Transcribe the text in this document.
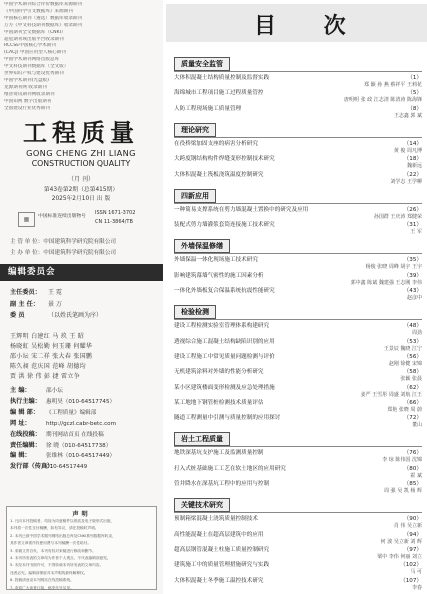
中国学术期刊综合评价数据库来源期刊
《中国科学引文数据库》来源期刊
中国核心期刊（遴选）数据库收录期刊
万方《中文科技期刊数据库》收录期刊
中国期刊全文数据库（CNKI）
超星期刊域出版平台收录期刊
RCCSE中国核心学术期刊
(CACJ) 中国应用型人核心期刊
中国学术期刊网络出版总库
中文科技期刊数据库（全文版）
世界知识产权与建设优秀期刊
中国学术期刊(光盘版)
龙源期刊网 收录期刊
维普资讯期刊网收录期刊
中国知网 数字出版期刊
全国建设行业优秀期刊
工程质量
GONG CHENG ZHI LIANG
CONSTRUCTION QUALITY
（月 刊）
第43卷第2期（总第415期）
2025年2月10日 出 版
▦	中国标准连续出版物号
ISSN 1671-3702
CN 11-3864/TB
主 管 单 位：中国建筑科学研究院有限公司
主 办 单 位：中国建筑科学研究院有限公司
编辑委员会
主任委员：	王 霓
副 主 任：	景 万
委 员	（以姓氏笔画为序）
王辉明 白建红 马 玖 王 昭
杨晓虹 吴松勤 何玉珊 何耀华
邵小坛 宋二祥 张大春 张国鹏
陈久昶 范庆国 范峰 胡德均
贾 洪 徐 伟 彭 捷 雷立争
主 编：	邵小坛
执行主编： 惠明昊（010-64517745）
编 辑 部：	《工程质量》编辑部
网 址：	http://gczl.cabr-betc.com
在线投稿： 期刊网站首页 在线投稿
责任编辑： 徐 晓（010-64517738）
编 辑：	张维林（010-64517449）
发行部（传真）：
010-64517449
声明
1. 凡向本刊投稿者，均视为同意稿件以纸质及电子版形式出版，
本刊将一次性支付稿酬，如有异议，请在投稿时声明。
2. 本刊已被中国学术期刊网络出版总库及CNKI系列数据库收录，
其作者文章著作权使用费与本刊稿酬一次性给付。
3. 来稿文责自负，本刊有权对来稿进行修改和删节。
4. 本刊所发表的文章均为作者个人观点，不代表编辑部意见。
5. 未经本刊书面许可，不得转载本刊所发表的文章内容，
违者必究。编辑部保留对本声明的最终解释权。
6. 投稿请登录本刊网站在线投稿系统。
7. 欢迎广大读者订阅，邮发代号另见。
目 次
质量安全监管
大体积混凝土结构质量控制及监督实践	（1）
郑 颖 孙 燕 蔡祥平 王莉花
海绵城市工程项目施工过程质量管控	（5）
唐明明 张 政 江志清 陈清涛 陈海锋
人防工程现场施工质量管理	（8）
王志鑫 郭 斌
理论研究
在役桥梁加固支座的病害分析研究	（14）
黄 俊 周凡博
大跨度钢结构构件焊缝变形控制技术研究	（18）
魏新远
大体积混凝土筏板浇筑温度控制研究	（22）
刘学志 王学柳
四新应用
一种简易支撑系统在剪力墙混凝土置换中的研究及应用	（26）
孙国群 王庆涛 郑健荣
装配式剪力墙灌浆套筒连接施工技术研究	（31）
王 军
外墙保温修缮
外墙保温一体化现场施工技术研究	（35）
杨俊 张晓 周峰 胡宇 王宇
影响建筑幕墙气密性的施工因素分析	（39）
郭中鑫 陈斌 魏建强 王志刚 李伟
一体化外墙板复合保温系统抗震性能研究	（43）
赵彦中
检验检测
建设工程检测实验室管理体系构建研究	（48）
周劲
透视综合施工混凝土结构缺陷识别的应用	（53）
王景辰 魏晓 江宁
建设工程施工中常见质量问题检测与评价	（56）
赵刚 徐健 宋锦
无机建筑涂料对外墙的性能分析研究	（58）
张颖 张晨
某小区建筑楼面变形检测及应急处理措施	（62）
姜严 王雪彤 周盛 刘航 江王
某工地地下钢管桩检测技术质量评估	（66）
郑艳 张晓 周 蔚
隧道工程测量中引测与质量控制的应用探讨	（72）
董山
岩土工程质量
地铁深基坑支护施工及监测质量控制	（76）
李 琼 陈伟国 沈锦
打入式桩基础施工工艺在软土地区的应用研究	（80）
霍 斌
管井降水在深基坑工程中的应用与控制	（85）
周 强 吴 凯 杨 辉
关键技术研究
预制箱梁混凝土浇筑质量控制技术	（90）
肖 伟 吴立新
高性能混凝土在超高层建筑中的应用	（94）
何 波 吴立新 刘 辉
超高层钢管混凝土柱施工质量控制研究	（97）
梁中 李伟 何丽 刘立
建筑施工中的质量管理措施研究与实践	（102）
马 可
大体积混凝土冬季施工温控技术研究	（107）
李春
